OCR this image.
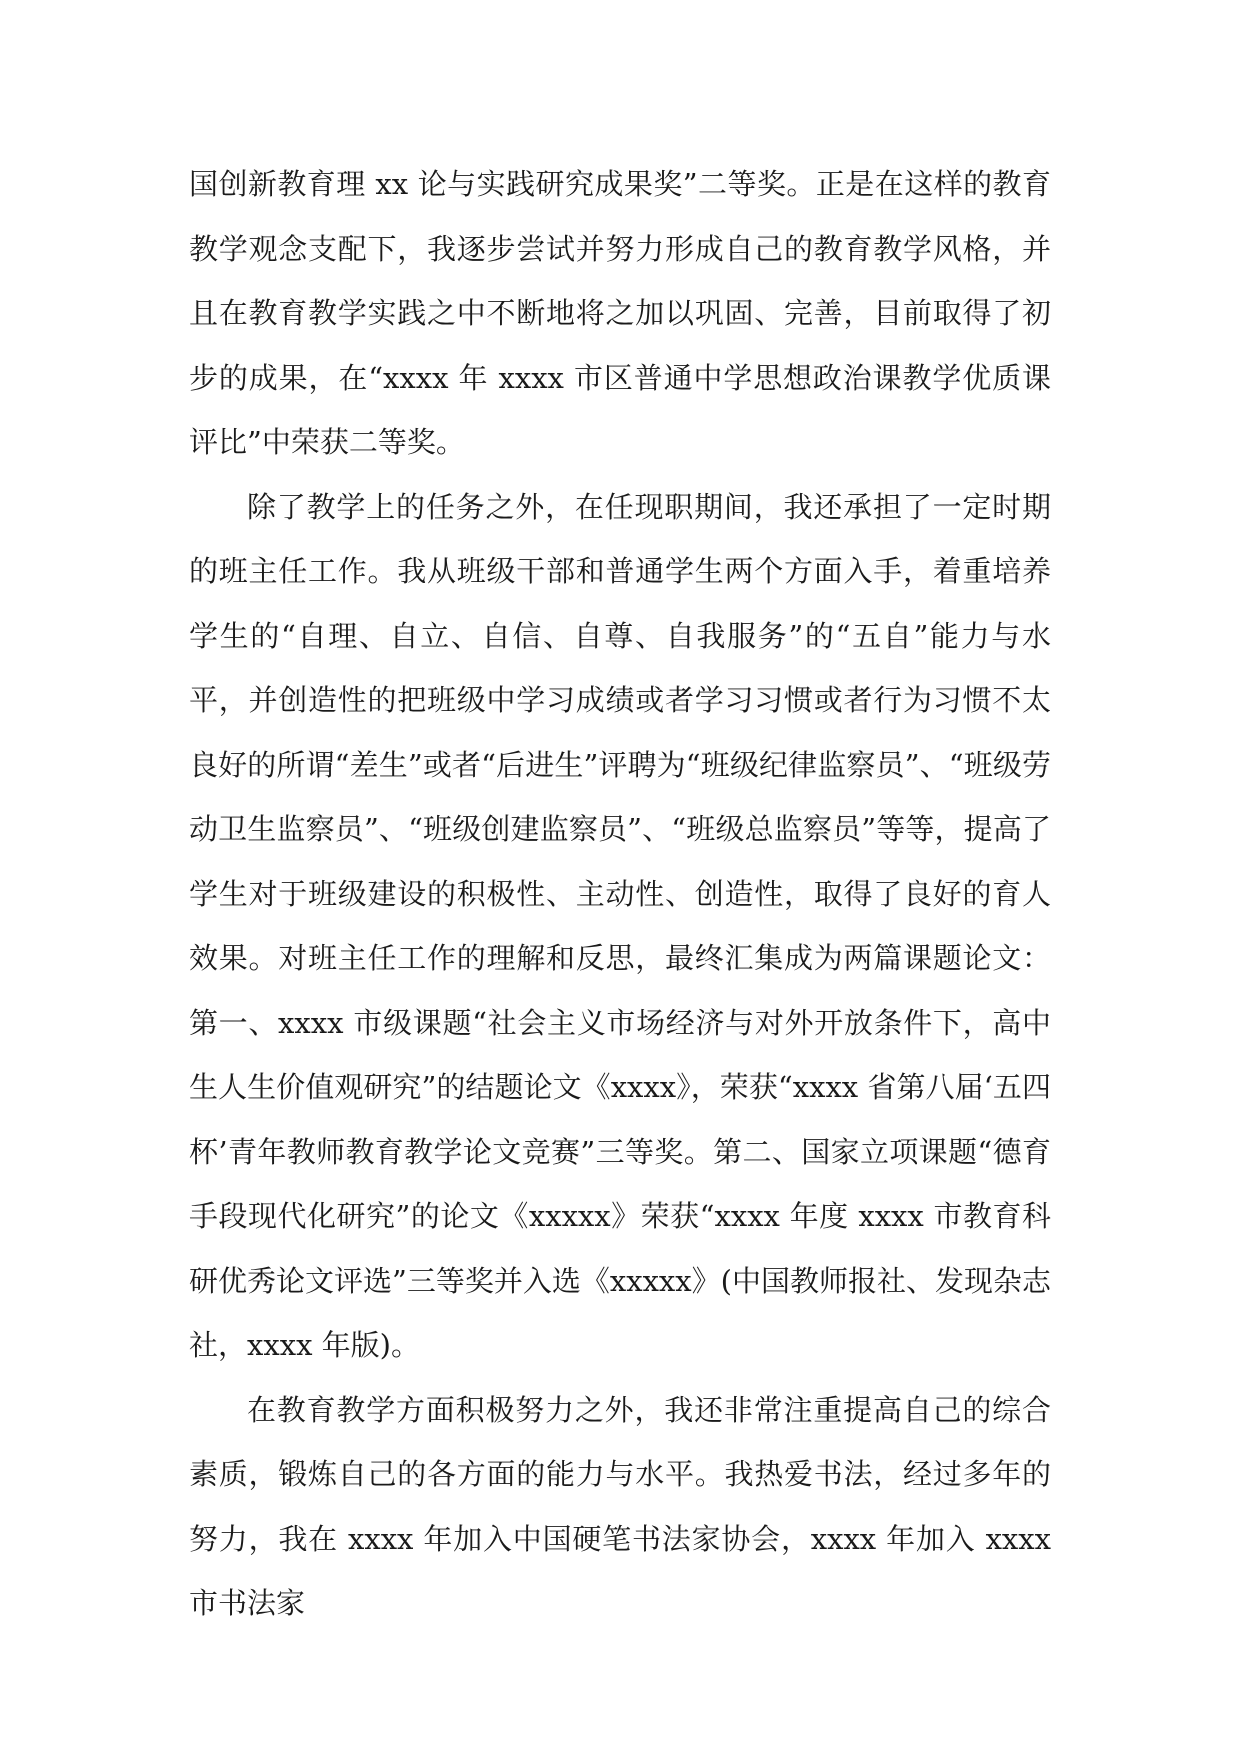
国创新教育理 xx 论与实践研究成果奖”二等奖。正是在这样的教育教学观念支配下，我逐步尝试并努力形成自己的教育教学风格，并且在教育教学实践之中不断地将之加以巩固、完善，目前取得了初步的成果，在“xxxx 年 xxxx 市区普通中学思想政治课教学优质课评比”中荣获二等奖。

除了教学上的任务之外，在任现职期间，我还承担了一定时期的班主任工作。我从班级干部和普通学生两个方面入手，着重培养学生的“自理、自立、自信、自尊、自我服务”的“五自”能力与水平，并创造性的把班级中学习成绩或者学习习惯或者行为习惯不太良好的所谓“差生”或者“后进生”评聘为“班级纪律监察员”、“班级劳动卫生监察员”、“班级创建监察员”、“班级总监察员”等等，提高了学生对于班级建设的积极性、主动性、创造性，取得了良好的育人效果。对班主任工作的理解和反思，最终汇集成为两篇课题论文：第一、xxxx 市级课题“社会主义市场经济与对外开放条件下，高中生人生价值观研究”的结题论文《xxxx》，荣获“xxxx 省第八届‘五四杯’青年教师教育教学论文竞赛”三等奖。第二、国家立项课题“德育手段现代化研究”的论文《xxxxx》荣获“xxxx 年度 xxxx 市教育科研优秀论文评选”三等奖并入选《xxxxx》(中国教师报社、发现杂志社，xxxx 年版)。

在教育教学方面积极努力之外，我还非常注重提高自己的综合素质，锻炼自己的各方面的能力与水平。我热爱书法，经过多年的努力，我在 xxxx 年加入中国硬笔书法家协会，xxxx 年加入 xxxx 市书法家
